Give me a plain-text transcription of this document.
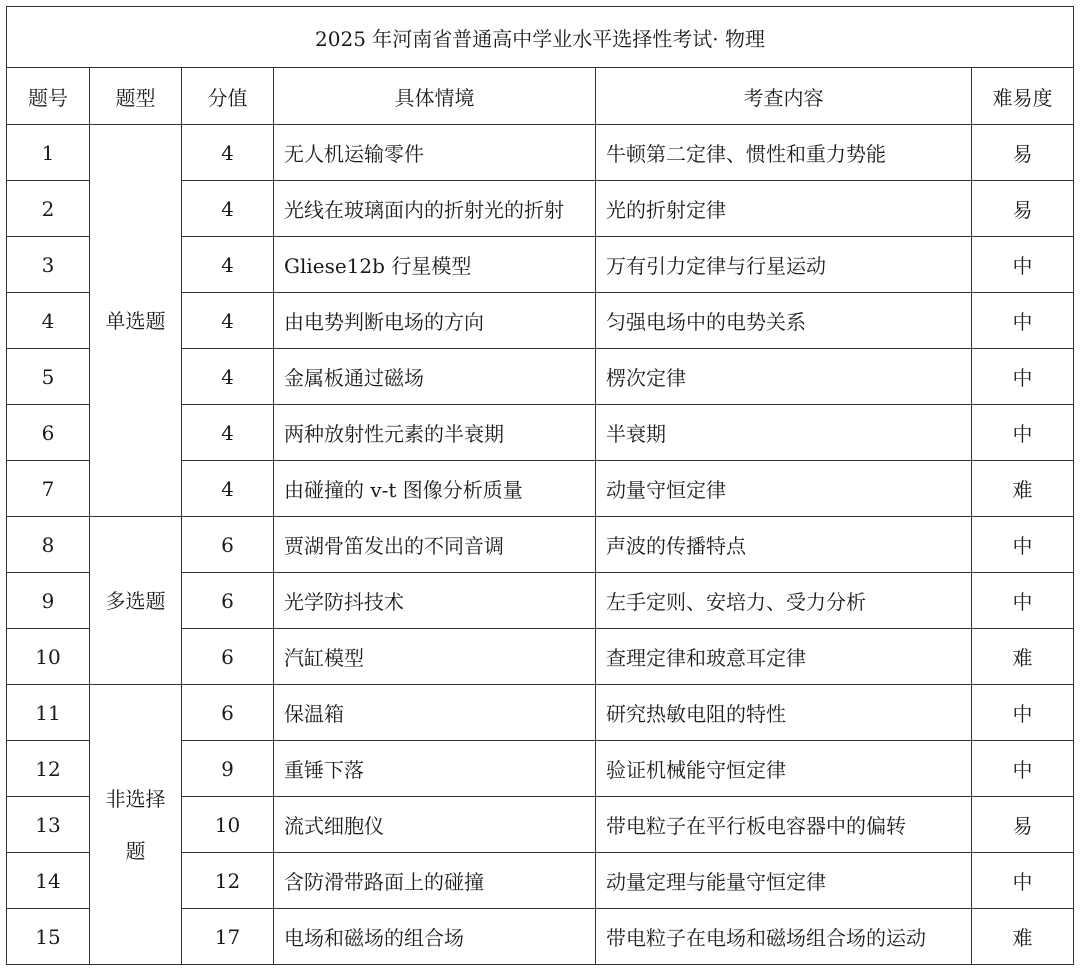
2025 年河南省普通高中学业水平选择性考试· 物理					
题号	题型	分值	具体情境	考查内容	难易度
1	单选题	4	无人机运输零件	牛顿第二定律、惯性和重力势能	易
2		4	光线在玻璃面内的折射光的折射	光的折射定律	易
3		4	Gliese12b 行星模型	万有引力定律与行星运动	中
4		4	由电势判断电场的方向	匀强电场中的电势关系	中
5		4	金属板通过磁场	楞次定律	中
6		4	两种放射性元素的半衰期	半衰期	中
7		4	由碰撞的 v-t 图像分析质量	动量守恒定律	难
8	多选题	6	贾湖骨笛发出的不同音调	声波的传播特点	中
9		6	光学防抖技术	左手定则、安培力、受力分析	中
10		6	汽缸模型	查理定律和玻意耳定律	难
11	非选择题	6	保温箱	研究热敏电阻的特性	中
12		9	重锤下落	验证机械能守恒定律	中
13		10	流式细胞仪	带电粒子在平行板电容器中的偏转	易
14		12	含防滑带路面上的碰撞	动量定理与能量守恒定律	中
15		17	电场和磁场的组合场	带电粒子在电场和磁场组合场的运动	难
